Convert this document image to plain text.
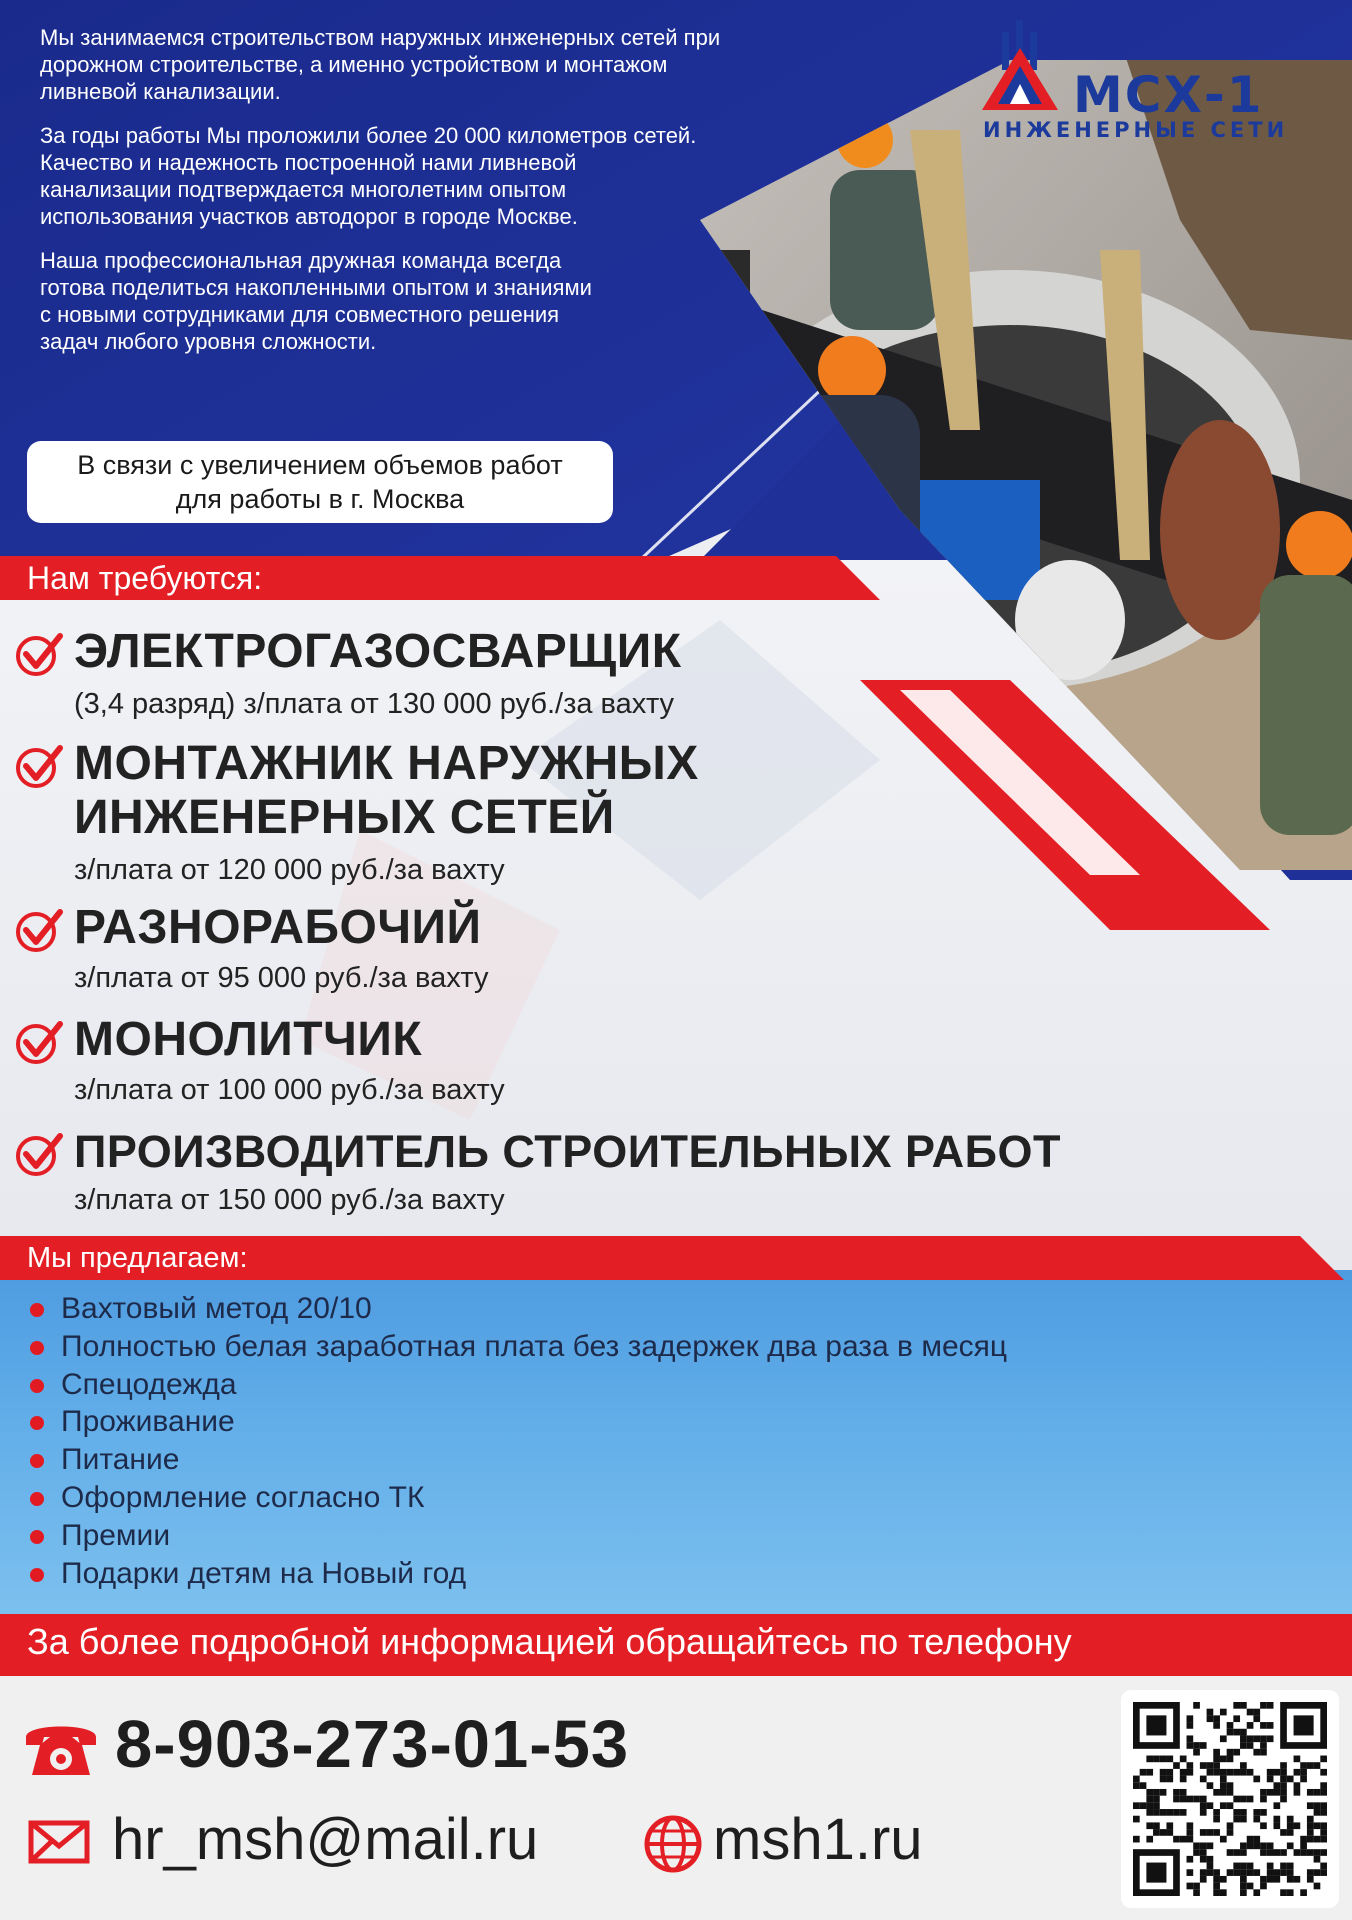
МСХ-1
ИНЖЕНЕРНЫЕ СЕТИ

Мы занимаемся строительством наружных инженерных сетей при дорожном строительстве, а именно устройством и монтажом ливневой канализации.

За годы работы Мы проложили более 20 000 километров сетей. Качество и надежность построенной нами ливневой канализации подтверждается многолетним опытом использования участков автодорог в городе Москве.

Наша профессиональная дружная команда всегда готова поделиться накопленными опытом и знаниями с новыми сотрудниками для совместного решения задач любого уровня сложности.

В связи с увеличением объемов работ
для работы в г. Москва
Нам требуются:
ЭЛЕКТРОГАЗОСВАРЩИК
(3,4 разряд) з/плата от 130 000 руб./за вахту
МОНТАЖНИК НАРУЖНЫХ
ИНЖЕНЕРНЫХ СЕТЕЙ
з/плата от 120 000 руб./за вахту
РАЗНОРАБОЧИЙ
з/плата от 95 000 руб./за вахту
МОНОЛИТЧИК
з/плата от 100 000 руб./за вахту
ПРОИЗВОДИТЕЛЬ СТРОИТЕЛЬНЫХ РАБОТ
з/плата от 150 000 руб./за вахту
Мы предлагаем:
Вахтовый метод 20/10
Полностью белая заработная плата без задержек два раза в месяц
Спецодежда
Проживание
Питание
Оформление согласно ТК
Премии
Подарки детям на Новый год
За более подробной информацией обращайтесь по телефону
8-903-273-01-53
hr_msh@mail.ru	msh1.ru
